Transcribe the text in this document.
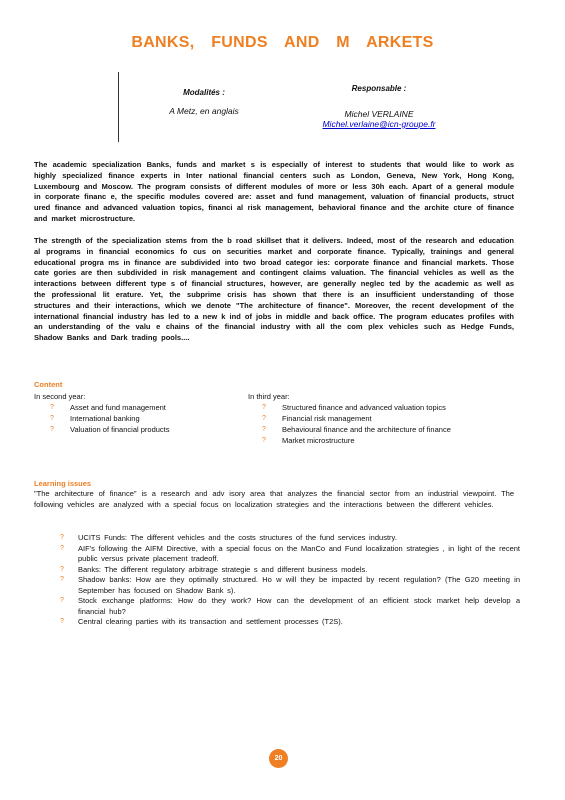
BANKS, FUNDS AND M ARKETS
Modalités :
A Metz, en anglais
Responsable :
Michel VERLAINE
Michel.verlaine@icn-groupe.fr
The academic specialization Banks, funds and market s is especially of interest to students that would like to work as highly specialized finance experts in Inter national financial centers such as London, Geneva, New York, Hong Kong, Luxembourg and Moscow. The program consists of different modules of more or less 30h each. Apart of a general module in corporate financ e, the specific modules covered are: asset and fund management, valuation of financial products, struct ured finance and advanced valuation topics, financi al risk management, behavioral finance and the archite cture of finance and market microstructure.
The strength of the specialization stems from the b road skillset that it delivers. Indeed, most of the research and education al programs in financial economics fo cus on securities market and corporate finance. Typically, trainings and general educational progra ms in finance are subdivided into two broad categor ies: corporate finance and financial markets. Those cate gories are then subdivided in risk management and contingent claims valuation. The financial vehicles as well as the interactions between different type s of financial structures, however, are generally neglec ted by the academic as well as the professional lit erature. Yet, the subprime crisis has shown that there is an insufficient understanding of those structures and their interactions, which we denote "The architecture of finance". Moreover, the recent development of the international financial industry has led to a new k ind of jobs in middle and back office. The program educates profiles with an understanding of the valu e chains of the financial industry with all the com plex vehicles such as Hedge Funds, Shadow Banks and Dark trading pools....
Content
In second year:
? Asset and fund management
? International banking
? Valuation of financial products
In third year:
? Structured finance and advanced valuation topics
? Financial risk management
? Behavioural finance and the architecture of finance
? Market microstructure
Learning issues
"The architecture of finance" is a research and adv isory area that analyzes the financial sector from an industrial viewpoint. The following vehicles are analyzed with a special focus on localization strategies and the interactions between the different vehicles.
? UCITS Funds: The different vehicles and the costs structures of the fund services industry.
? AIF's following the AIFM Directive, with a special focus on the ManCo and Fund localization strategies , in light of the recent public versus private placement tradeoff.
? Banks: The different regulatory arbitrage strategie s and different business models.
? Shadow banks: How are they optimally structured. Ho w will they be impacted by recent regulation? (The G20 meeting in September has focused on Shadow Bank s).
? Stock exchange platforms: How do they work? How can the development of an efficient stock market help develop a financial hub?
? Central clearing parties with its transaction and settlement processes (T2S).
20
